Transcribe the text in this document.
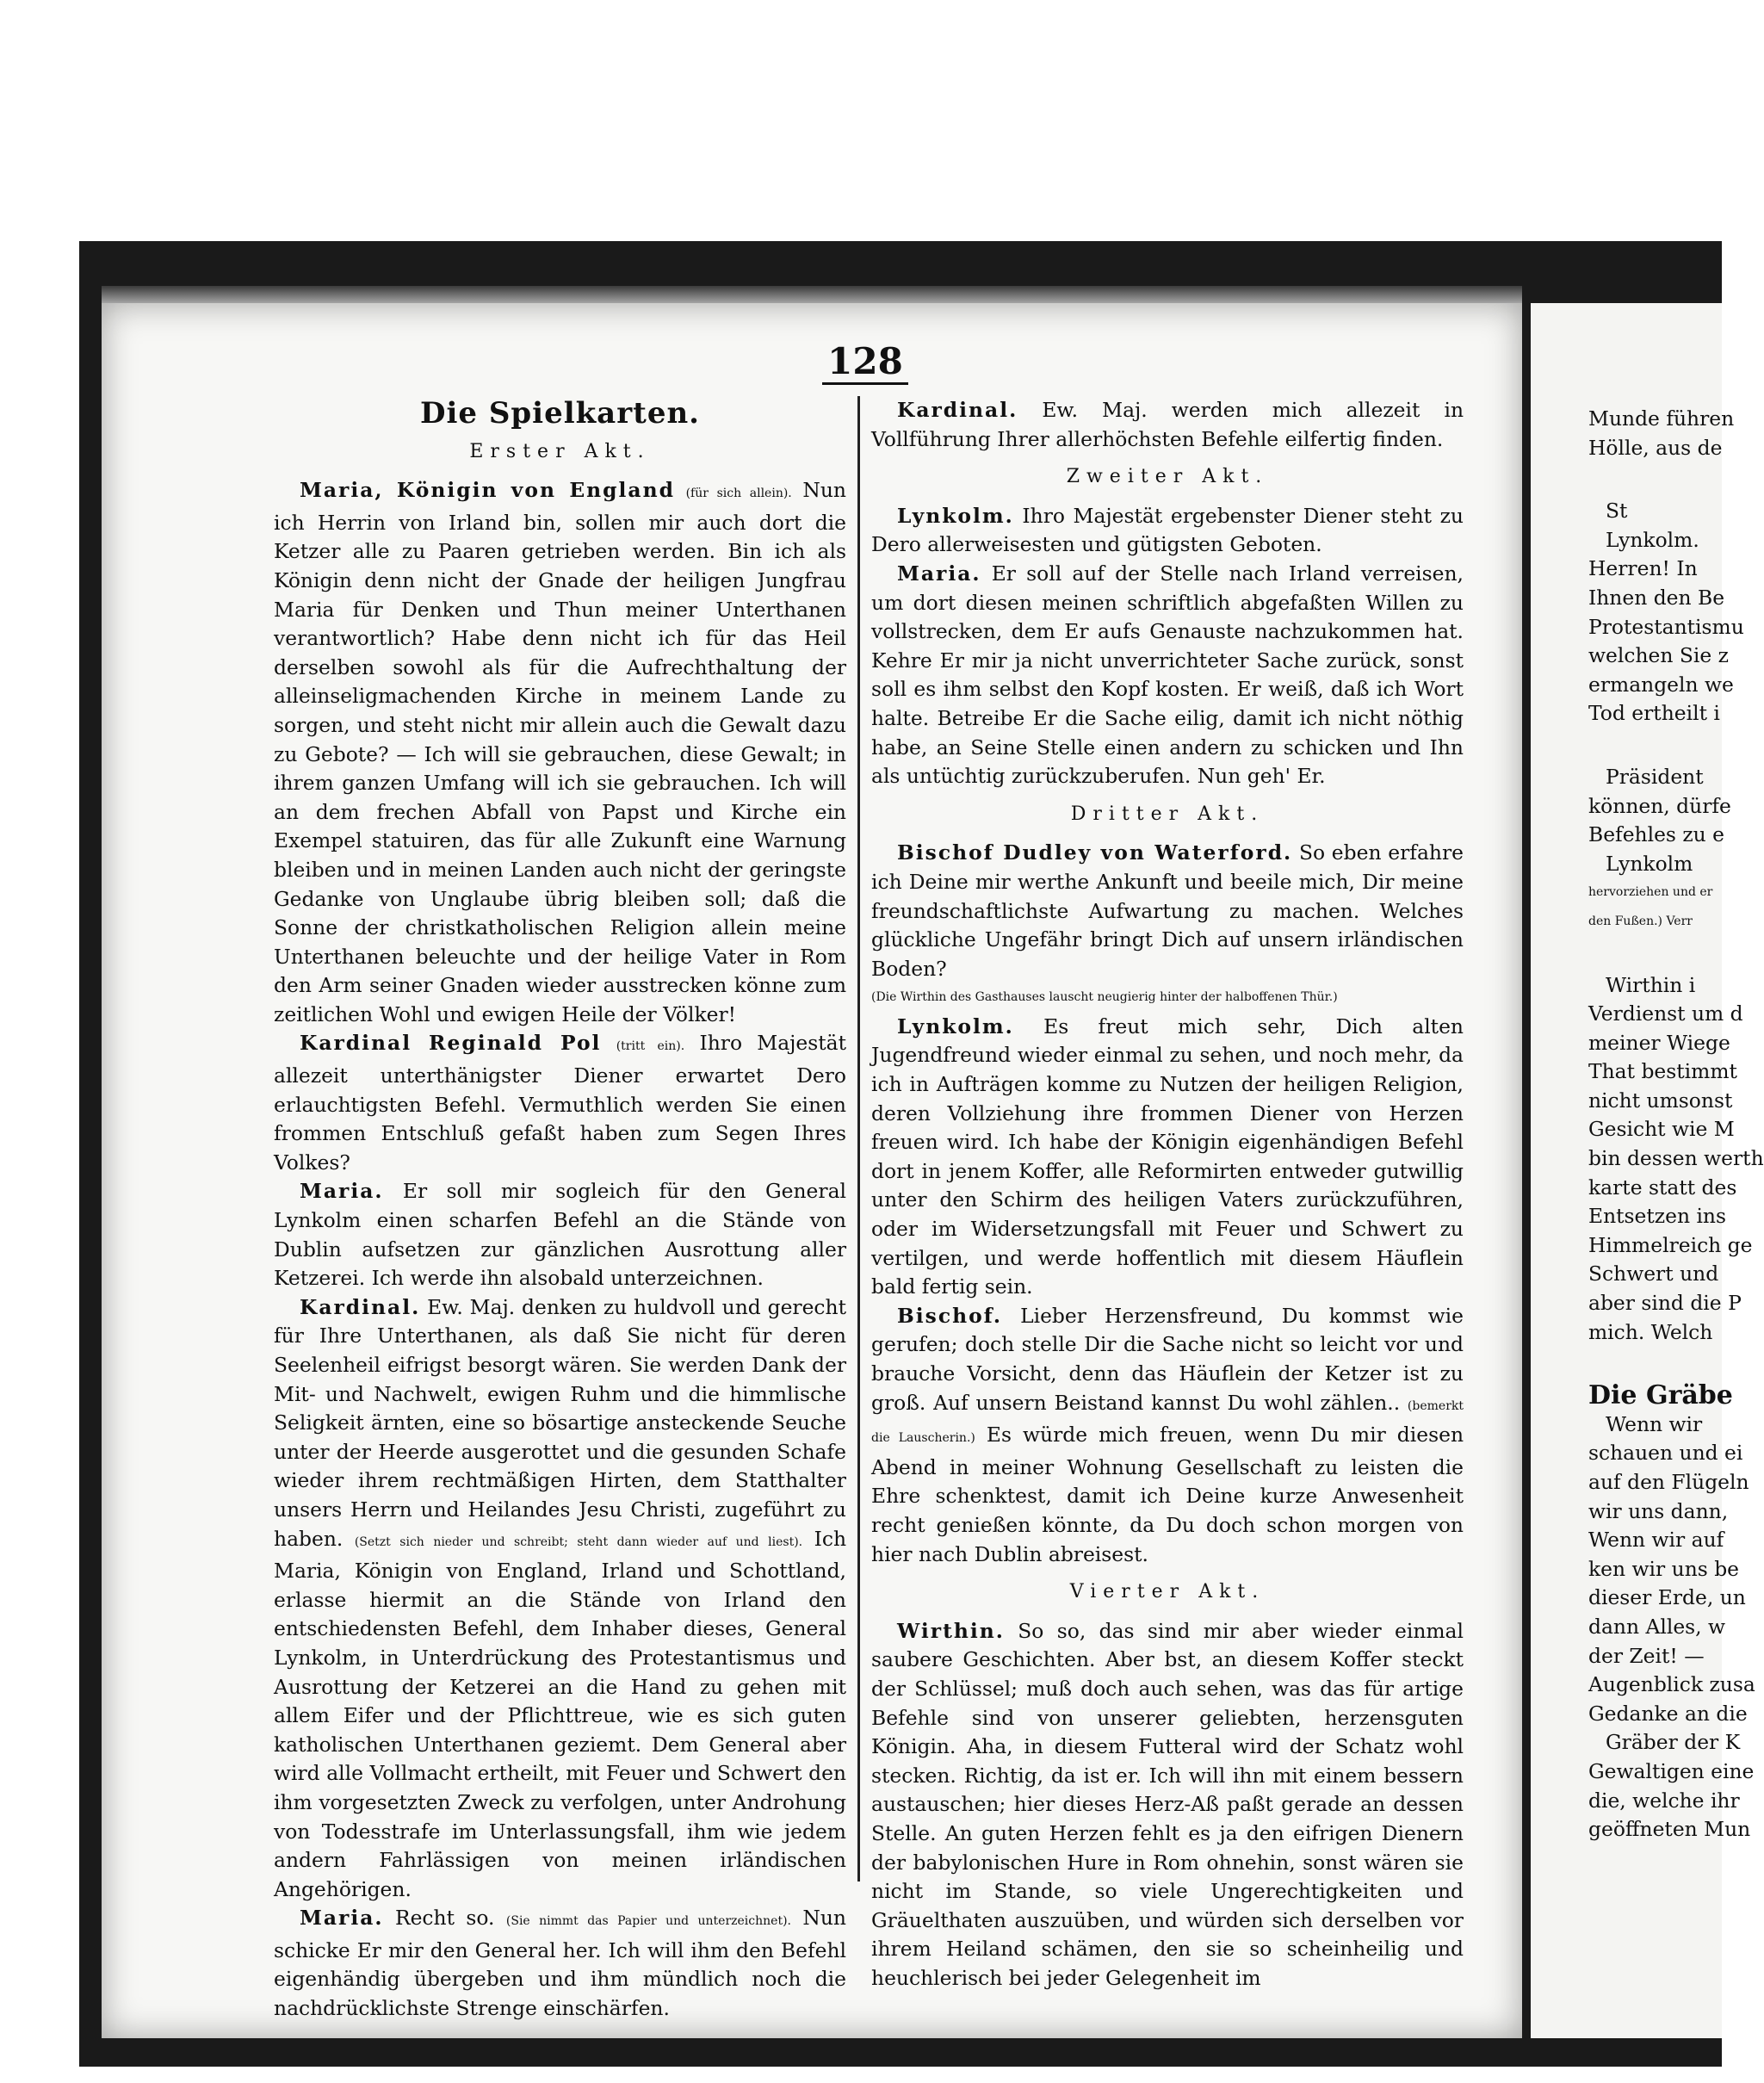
128
Die Spielkarten.
Erster Akt.

Maria, Königin von England (für sich allein). Nun ich Herrin von Irland bin, sollen mir auch dort die Ketzer alle zu Paaren getrieben werden. Bin ich als Königin denn nicht der Gnade der heiligen Jungfrau Maria für Denken und Thun meiner Unterthanen verantwortlich? Habe denn nicht ich für das Heil derselben sowohl als für die Aufrechthaltung der alleinseligmachenden Kirche in meinem Lande zu sorgen, und steht nicht mir allein auch die Gewalt dazu zu Gebote? — Ich will sie gebrauchen, diese Gewalt; in ihrem ganzen Umfang will ich sie gebrauchen. Ich will an dem frechen Abfall von Papst und Kirche ein Exempel statuiren, das für alle Zukunft eine Warnung bleiben und in meinen Landen auch nicht der geringste Gedanke von Unglaube übrig bleiben soll; daß die Sonne der christkatholischen Religion allein meine Unterthanen beleuchte und der heilige Vater in Rom den Arm seiner Gnaden wieder ausstrecken könne zum zeitlichen Wohl und ewigen Heile der Völker!

Kardinal Reginald Pol (tritt ein). Ihro Majestät allezeit unterthänigster Diener erwartet Dero erlauchtigsten Befehl. Vermuthlich werden Sie einen frommen Entschluß gefaßt haben zum Segen Ihres Volkes?

Maria. Er soll mir sogleich für den General Lynkolm einen scharfen Befehl an die Stände von Dublin aufsetzen zur gänzlichen Ausrottung aller Ketzerei. Ich werde ihn alsobald unterzeichnen.

Kardinal. Ew. Maj. denken zu huldvoll und gerecht für Ihre Unterthanen, als daß Sie nicht für deren Seelenheil eifrigst besorgt wären. Sie werden Dank der Mit- und Nachwelt, ewigen Ruhm und die himmlische Seligkeit ärnten, eine so bösartige ansteckende Seuche unter der Heerde ausgerottet und die gesunden Schafe wieder ihrem rechtmäßigen Hirten, dem Statthalter unsers Herrn und Heilandes Jesu Christi, zugeführt zu haben. (Setzt sich nieder und schreibt; steht dann wieder auf und liest). Ich Maria, Königin von England, Irland und Schottland, erlasse hiermit an die Stände von Irland den entschiedensten Befehl, dem Inhaber dieses, General Lynkolm, in Unterdrückung des Protestantismus und Ausrottung der Ketzerei an die Hand zu gehen mit allem Eifer und der Pflichttreue, wie es sich guten katholischen Unterthanen geziemt. Dem General aber wird alle Vollmacht ertheilt, mit Feuer und Schwert den ihm vorgesetzten Zweck zu verfolgen, unter Androhung von Todesstrafe im Unterlassungsfall, ihm wie jedem andern Fahrlässigen von meinen irländischen Angehörigen.

Maria. Recht so. (Sie nimmt das Papier und unterzeichnet). Nun schicke Er mir den General her. Ich will ihm den Befehl eigenhändig übergeben und ihm mündlich noch die nachdrücklichste Strenge einschärfen.

Kardinal. Ew. Maj. werden mich allezeit in Vollführung Ihrer allerhöchsten Befehle eilfertig finden.

Zweiter Akt.

Lynkolm. Ihro Majestät ergebenster Diener steht zu Dero allerweisesten und gütigsten Geboten.

Maria. Er soll auf der Stelle nach Irland verreisen, um dort diesen meinen schriftlich abgefaßten Willen zu vollstrecken, dem Er aufs Genauste nachzukommen hat. Kehre Er mir ja nicht unverrichteter Sache zurück, sonst soll es ihm selbst den Kopf kosten. Er weiß, daß ich Wort halte. Betreibe Er die Sache eilig, damit ich nicht nöthig habe, an Seine Stelle einen andern zu schicken und Ihn als untüchtig zurückzuberufen. Nun geh' Er.

Dritter Akt.

Bischof Dudley von Waterford. So eben erfahre ich Deine mir werthe Ankunft und beeile mich, Dir meine freundschaftlichste Aufwartung zu machen. Welches glückliche Ungefähr bringt Dich auf unsern irländischen Boden?

(Die Wirthin des Gasthauses lauscht neugierig hinter der halboffenen Thür.)

Lynkolm. Es freut mich sehr, Dich alten Jugendfreund wieder einmal zu sehen, und noch mehr, da ich in Aufträgen komme zu Nutzen der heiligen Religion, deren Vollziehung ihre frommen Diener von Herzen freuen wird. Ich habe der Königin eigenhändigen Befehl dort in jenem Koffer, alle Reformirten entweder gutwillig unter den Schirm des heiligen Vaters zurückzuführen, oder im Widersetzungsfall mit Feuer und Schwert zu vertilgen, und werde hoffentlich mit diesem Häuflein bald fertig sein.

Bischof. Lieber Herzensfreund, Du kommst wie gerufen; doch stelle Dir die Sache nicht so leicht vor und brauche Vorsicht, denn das Häuflein der Ketzer ist zu groß. Auf unsern Beistand kannst Du wohl zählen.. (bemerkt die Lauscherin.) Es würde mich freuen, wenn Du mir diesen Abend in meiner Wohnung Gesellschaft zu leisten die Ehre schenktest, damit ich Deine kurze Anwesenheit recht genießen könnte, da Du doch schon morgen von hier nach Dublin abreisest.

Vierter Akt.

Wirthin. So so, das sind mir aber wieder einmal saubere Geschichten. Aber bst, an diesem Koffer steckt der Schlüssel; muß doch auch sehen, was das für artige Befehle sind von unserer geliebten, herzensguten Königin. Aha, in diesem Futteral wird der Schatz wohl stecken. Richtig, da ist er. Ich will ihn mit einem bessern austauschen; hier dieses Herz-Aß paßt gerade an dessen Stelle. An guten Herzen fehlt es ja den eifrigen Dienern der babylonischen Hure in Rom ohnehin, sonst wären sie nicht im Stande, so viele Ungerechtigkeiten und Gräuelthaten auszuüben, und würden sich derselben vor ihrem Heiland schämen, den sie so scheinheilig und heuchlerisch bei jeder Gelegenheit im

Munde führen
Hölle, aus de
St
Lynkolm.
Herren! In
Ihnen den Be
Protestantismu
welchen Sie z
ermangeln we
Tod ertheilt i
Präsident
können, dürfe
Befehles zu e
Lynkolm
hervorziehen und er
den Fußen.) Verr
Wirthin i
Verdienst um d
meiner Wiege
That bestimmt
nicht umsonst
Gesicht wie M
bin dessen werth
karte statt des
Entsetzen ins
Himmelreich ge
Schwert und
aber sind die P
mich. Welch
Die Gräbe
Wenn wir
schauen und ei
auf den Flügeln
wir uns dann,
Wenn wir auf
ken wir uns be
dieser Erde, un
dann Alles, w
der Zeit! —
Augenblick zusa
Gedanke an die
Gräber der K
Gewaltigen eine
die, welche ihr
geöffneten Mun
